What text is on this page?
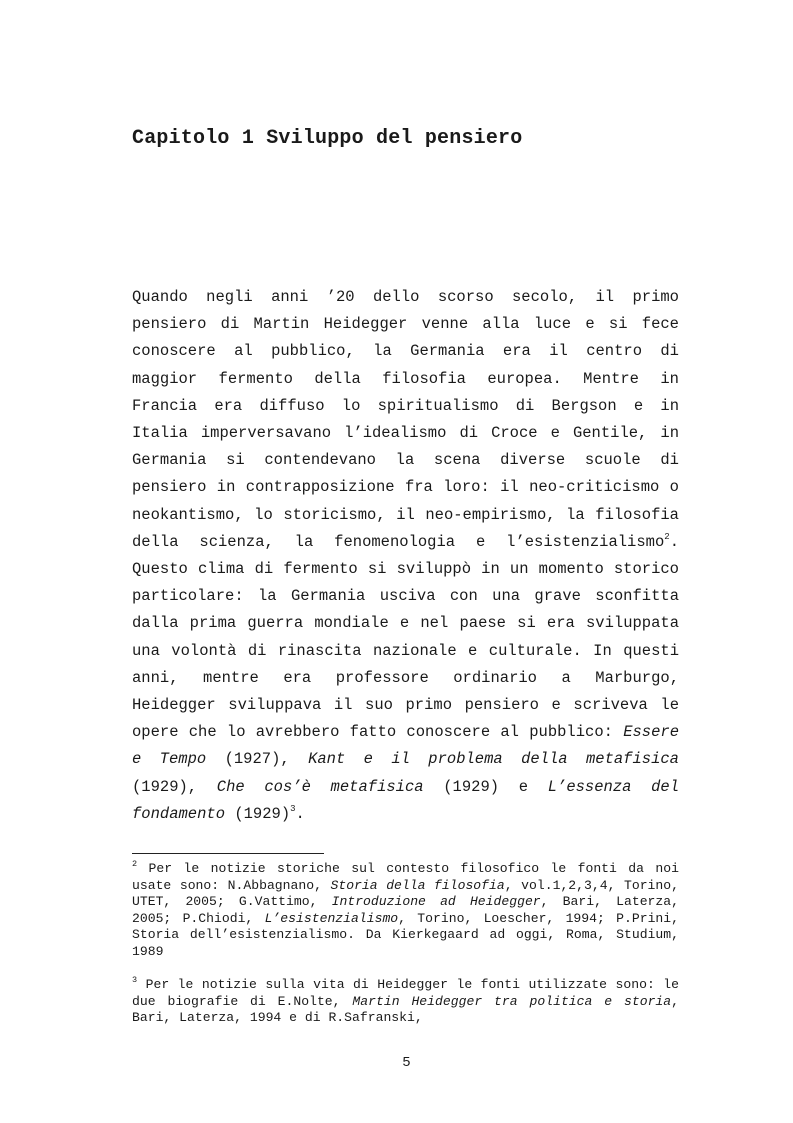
Capitolo 1 Sviluppo del pensiero

Quando negli anni ’20 dello scorso secolo, il primo pensiero di Martin Heidegger venne alla luce e si fece conoscere al pubblico, la Germania era il centro di maggior fermento della filosofia europea. Mentre in Francia era diffuso lo spiritualismo di Bergson e in Italia imperversavano l’idealismo di Croce e Gentile, in Germania si contendevano la scena diverse scuole di pensiero in contrapposizione fra loro: il neo-criticismo o neokantismo, lo storicismo, il neo-empirismo, la filosofia della scienza, la fenomenologia e l’esistenzialismo$^2$. Questo clima di fermento si sviluppò in un momento storico particolare: la Germania usciva con una grave sconfitta dalla prima guerra mondiale e nel paese si era sviluppata una volontà di rinascita nazionale e culturale. In questi anni, mentre era professore ordinario a Marburgo, Heidegger sviluppava il suo primo pensiero e scriveva le opere che lo avrebbero fatto conoscere al pubblico: Essere e Tempo (1927), Kant e il problema della metafisica (1929), Che cos’è metafisica (1929) e L’essenza del fondamento $(1929)^3$.

$^2$ Per le notizie storiche sul contesto filosofico le fonti da noi usate sono: N.Abbagnano, Storia della filosofia, vol.1,2,3,4, Torino, UTET, 2005; G.Vattimo, Introduzione ad Heidegger, Bari, Laterza, 2005; P.Chiodi, L’esistenzialismo, Torino, Loescher, 1994; P.Prini, Storia dell’esistenzialismo. Da Kierkegaard ad oggi, Roma, Studium, 1989

$^3$ Per le notizie sulla vita di Heidegger le fonti utilizzate sono: le due biografie di E.Nolte, Martin Heidegger tra politica e storia, Bari, Laterza, 1994 e di R.Safranski,

5
